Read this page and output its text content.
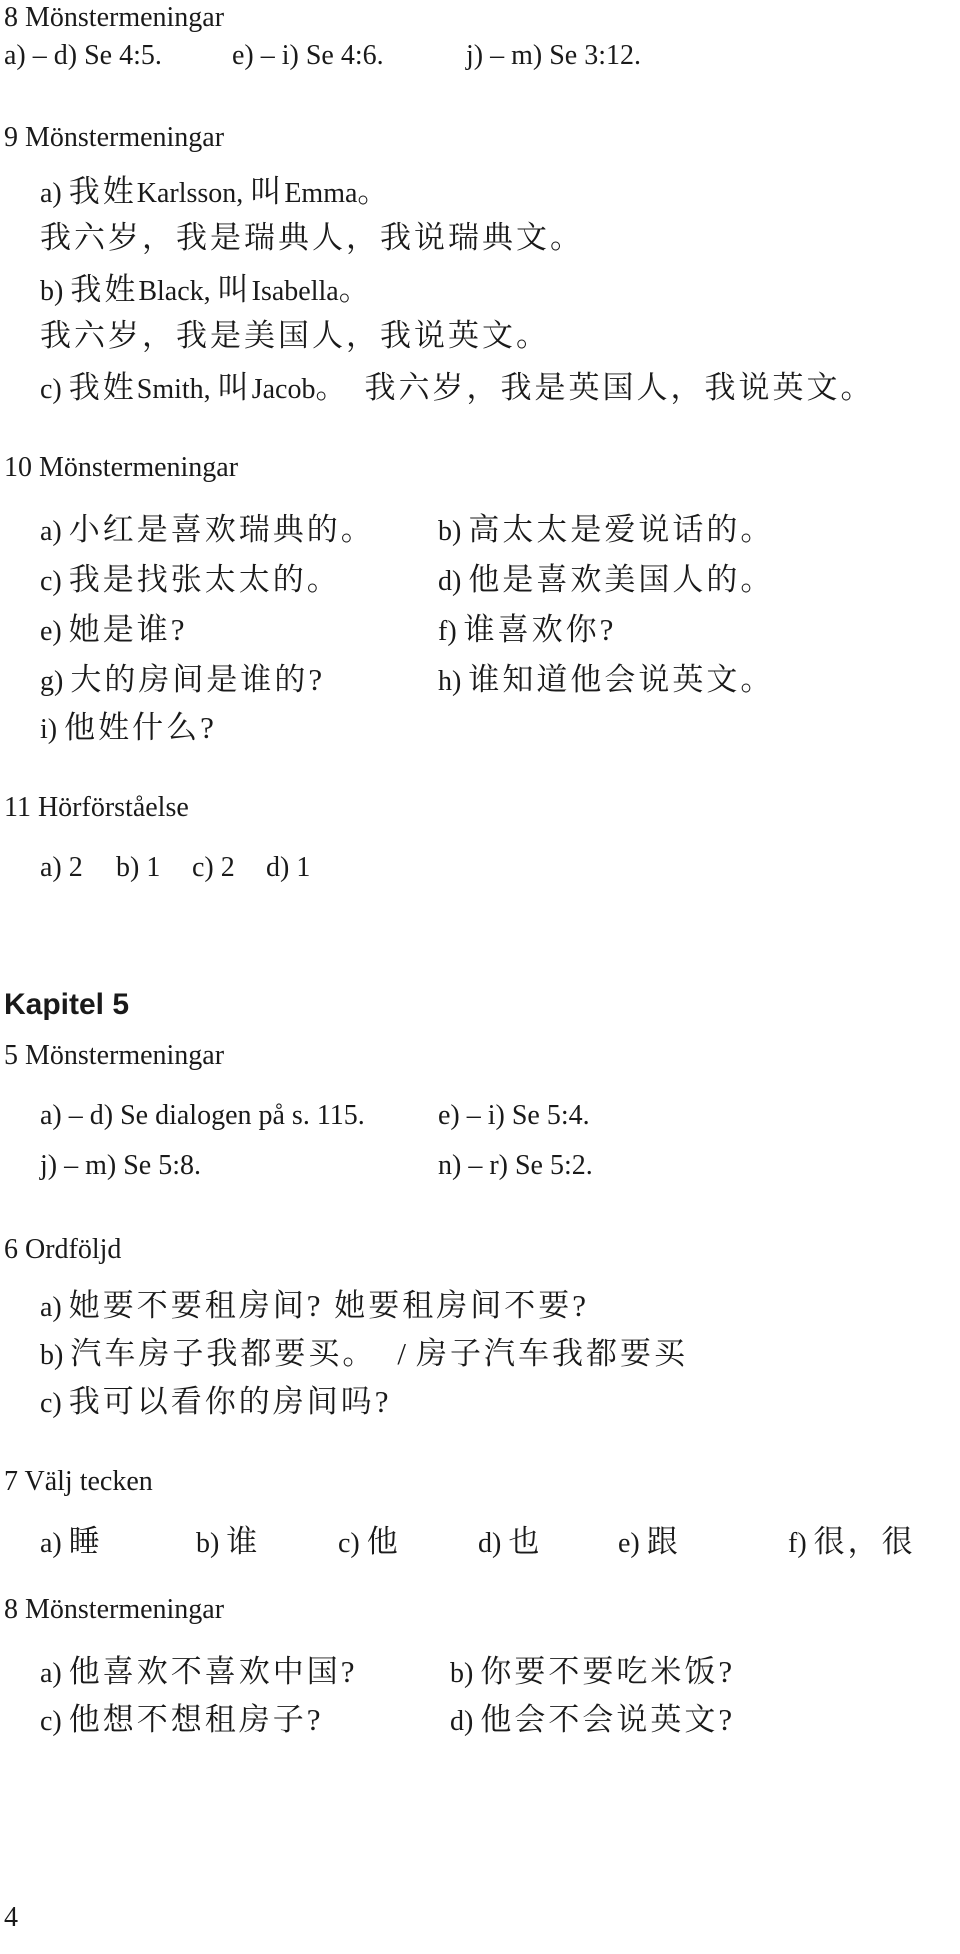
8 Mönstermeningar
a) – d) Se 4:5.	e) – i) Se 4:6.	j) – m) Se 3:12.
9 Mönstermeningar
a) 我姓Karlsson, 叫Emma。
我六岁，我是瑞典人，我说瑞典文。
b) 我姓Black, 叫Isabella。
我六岁，我是美国人，我说英文。
c) 我姓Smith, 叫Jacob。 我六岁，我是英国人，我说英文。
10 Mönstermeningar
a) 小红是喜欢瑞典的。 b) 高太太是爱说话的。
c) 我是找张太太的。	d) 他是喜欢美国人的。
e) 她是谁?	f) 谁喜欢你?
g) 大的房间是谁的?	h) 谁知道他会说英文。
i) 他姓什么?
11 Hörförståelse
a) 2 b) 1 c) 2 d) 1
Kapitel 5
5 Mönstermeningar
a) – d) Se dialogen på s. 115.	e) – i) Se 5:4.
j) – m) Se 5:8.	n) – r) Se 5:2.
6 Ordföljd
a) 她要不要租房间? 她要租房间不要?
b) 汽车房子我都要买。 / 房子汽车我都要买
c) 我可以看你的房间吗?
7 Välj tecken
a) 睡	b) 谁	c) 他	d) 也	e) 跟	f) 很，很
8 Mönstermeningar
a) 他喜欢不喜欢中国?	b) 你要不要吃米饭?
c) 他想不想租房子?	d) 他会不会说英文?
4
